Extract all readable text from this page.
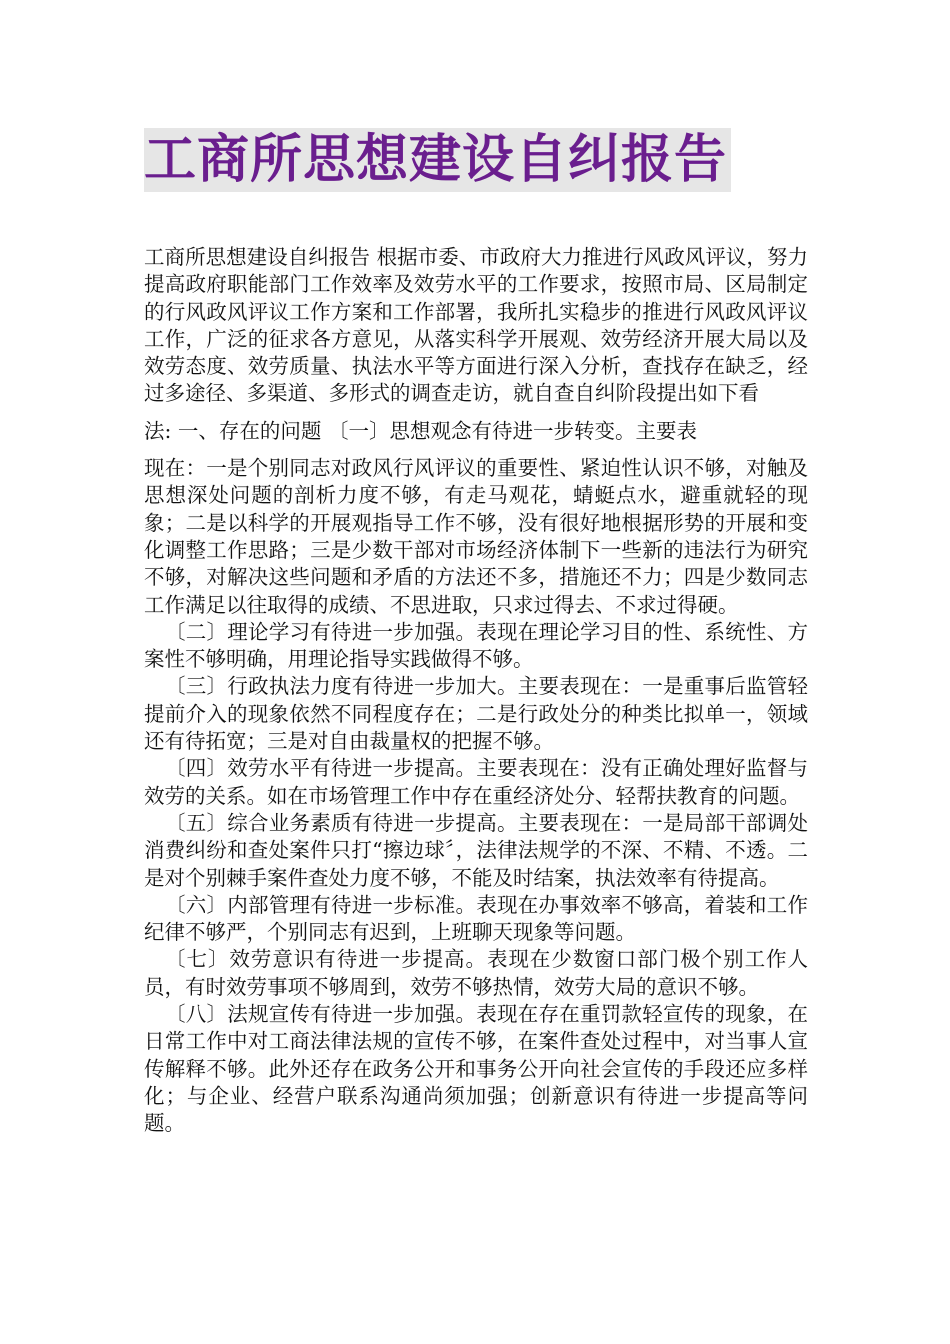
工商所思想建设自纠报告

工商所思想建设自纠报告 根据市委、市政府大力推进行风政风评议，努力提高政府职能部门工作效率及效劳水平的工作要求，按照市局、区局制定的行风政风评议工作方案和工作部署，我所扎实稳步的推进行风政风评议工作，广泛的征求各方意见，从落实科学开展观、效劳经济开展大局以及效劳态度、效劳质量、执法水平等方面进行深入分析，查找存在缺乏，经过多途径、多渠道、多形式的调查走访，就自查自纠阶段提出如下看

法: 一、存在的问题 〔一〕思想观念有待进一步转变。主要表

现在：一是个别同志对政风行风评议的重要性、紧迫性认识不够，对触及思想深处问题的剖析力度不够，有走马观花，蜻蜓点水，避重就轻的现象；二是以科学的开展观指导工作不够，没有很好地根据形势的开展和变化调整工作思路；三是少数干部对市场经济体制下一些新的违法行为研究不够，对解决这些问题和矛盾的方法还不多，措施还不力；四是少数同志工作满足以往取得的成绩、不思进取，只求过得去、不求过得硬。

〔二〕理论学习有待进一步加强。表现在理论学习目的性、系统性、方案性不够明确，用理论指导实践做得不够。

〔三〕行政执法力度有待进一步加大。主要表现在：一是重事后监管轻提前介入的现象依然不同程度存在；二是行政处分的种类比拟单一，领域还有待拓宽；三是对自由裁量权的把握不够。

〔四〕效劳水平有待进一步提高。主要表现在：没有正确处理好监督与效劳的关系。如在市场管理工作中存在重经济处分、轻帮扶教育的问题。

〔五〕综合业务素质有待进一步提高。主要表现在：一是局部干部调处消费纠纷和查处案件只打“擦边球〞，法律法规学的不深、不精、不透。二是对个别棘手案件查处力度不够，不能及时结案，执法效率有待提高。

〔六〕内部管理有待进一步标准。表现在办事效率不够高，着装和工作纪律不够严，个别同志有迟到，上班聊天现象等问题。

〔七〕效劳意识有待进一步提高。表现在少数窗口部门极个别工作人员，有时效劳事项不够周到，效劳不够热情，效劳大局的意识不够。

〔八〕法规宣传有待进一步加强。表现在存在重罚款轻宣传的现象，在日常工作中对工商法律法规的宣传不够，在案件查处过程中，对当事人宣传解释不够。此外还存在政务公开和事务公开向社会宣传的手段还应多样化；与企业、经营户联系沟通尚须加强；创新意识有待进一步提高等问题。
